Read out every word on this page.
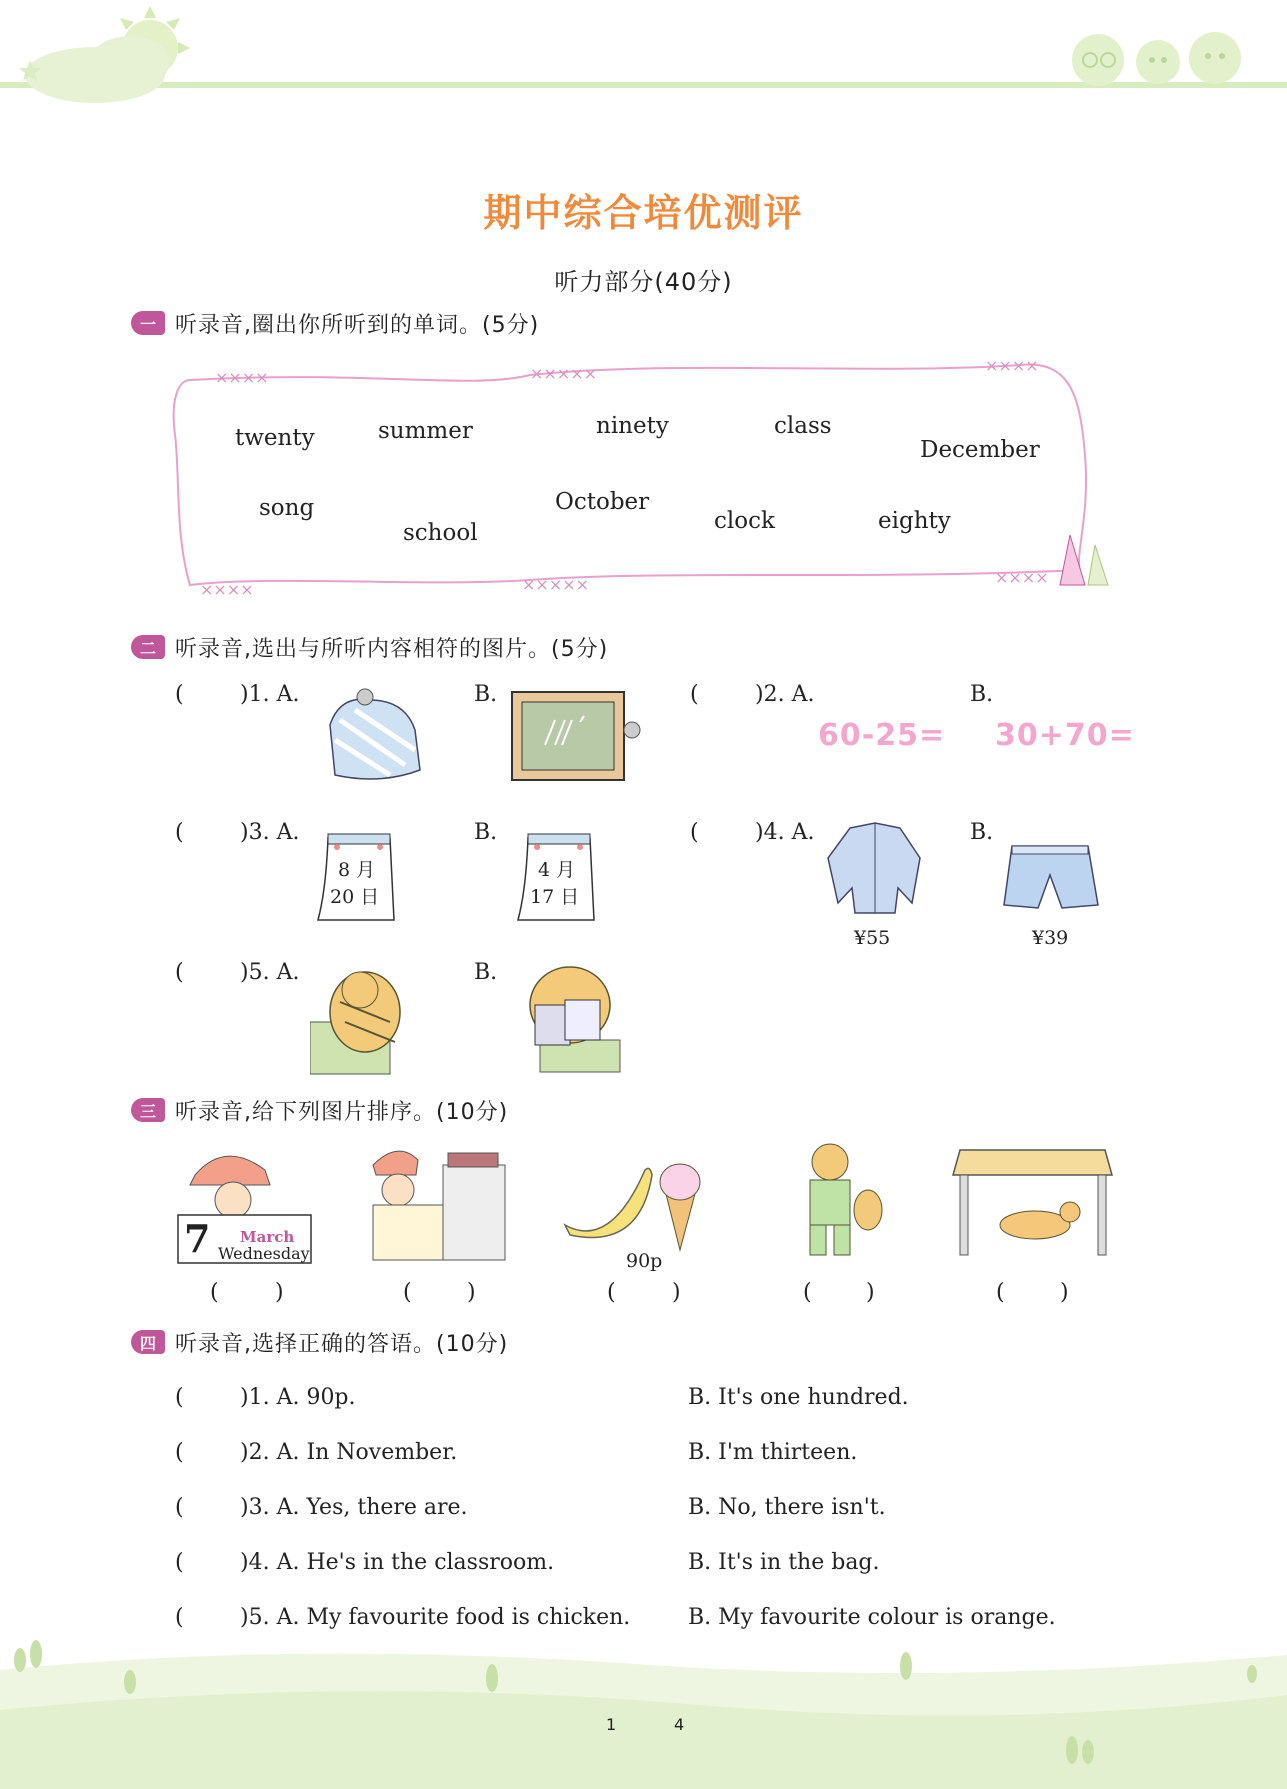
期中综合培优测评
听力部分(40分)
一 听录音,圈出你所听到的单词。(5分)
××××	×××××	××××
××××	×××××	××××
twenty	summer	ninety	class
December
song
school
October
clock	eighty
二 听录音,选出与所听内容相符的图片。(5分)
(	)1. A.	B.	(	)2. A.	B.
60-25= 30+70=
(	)3. A.
8 月
20 日
B.
4 月
17 日
(	)4. A.
¥55
B.
¥39
(	)5. A.	B.
三 听录音,给下列图片排序。(10分)
7 March
Wednesday	90p
(	)	(	)	(	)	( )	(	)
四 听录音,选择正确的答语。(10分)
(	)1. A. 90p.	B. It's one hundred.
(	)2. A. In November.	B. I'm thirteen.
(	)3. A. Yes, there are.	B. No, there isn't.
(	)4. A. He's in the classroom.	B. It's in the bag.
(	)5. A. My favourite food is chicken.	B. My favourite colour is orange.
1	4
